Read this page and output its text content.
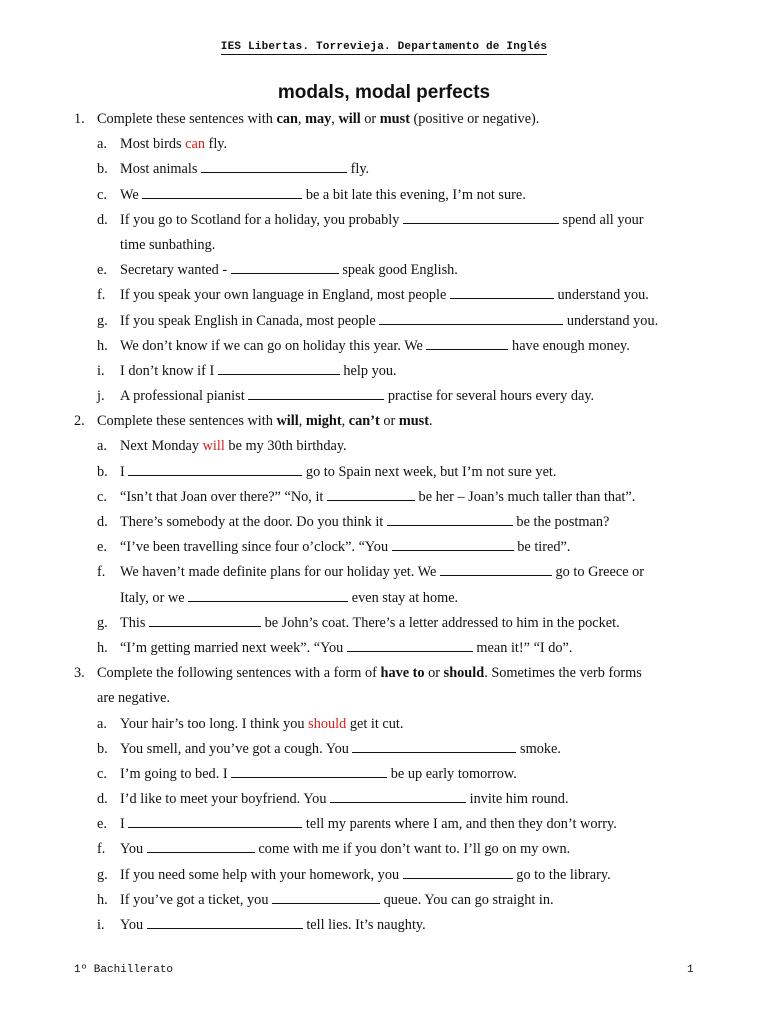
IES Libertas. Torrevieja. Departamento de Inglés
modals, modal perfects
1. Complete these sentences with can, may, will or must (positive or negative).
a. Most birds can fly.
b. Most animals	fly.
c. We	be a bit late this evening, I’m not sure.
d. If you go to Scotland for a holiday, you probably	spend all your
time sunbathing.
e. Secretary wanted -	speak good English.
f. If you speak your own language in England, most people	understand you.
g. If you speak English in Canada, most people	understand you.
h. We don’t know if we can go on holiday this year. We	have enough money.
i. I don’t know if I	help you.
j. A professional pianist	practise for several hours every day.
2. Complete these sentences with will, might, can’t or must.
a. Next Monday will be my 30th birthday.
b. I	go to Spain next week, but I’m not sure yet.
c. “Isn’t that Joan over there?” “No, it	be her – Joan’s much taller than that”.
d. There’s somebody at the door. Do you think it	be the postman?
e. “I’ve been travelling since four o’clock”. “You	be tired”.
f. We haven’t made definite plans for our holiday yet. We	go to Greece or
Italy, or we	even stay at home.
g. This	be John’s coat. There’s a letter addressed to him in the pocket.
h. “I’m getting married next week”. “You	mean it!” “I do”.
3. Complete the following sentences with a form of have to or should. Sometimes the verb forms
are negative.
a. Your hair’s too long. I think you should get it cut.
b. You smell, and you’ve got a cough. You	smoke.
c. I’m going to bed. I	be up early tomorrow.
d. I’d like to meet your boyfriend. You	invite him round.
e. I	tell my parents where I am, and then they don’t worry.
f. You	come with me if you don’t want to. I’ll go on my own.
g. If you need some help with your homework, you	go to the library.
h. If you’ve got a ticket, you	queue. You can go straight in.
i. You	tell lies. It’s naughty.
1º Bachillerato	1
